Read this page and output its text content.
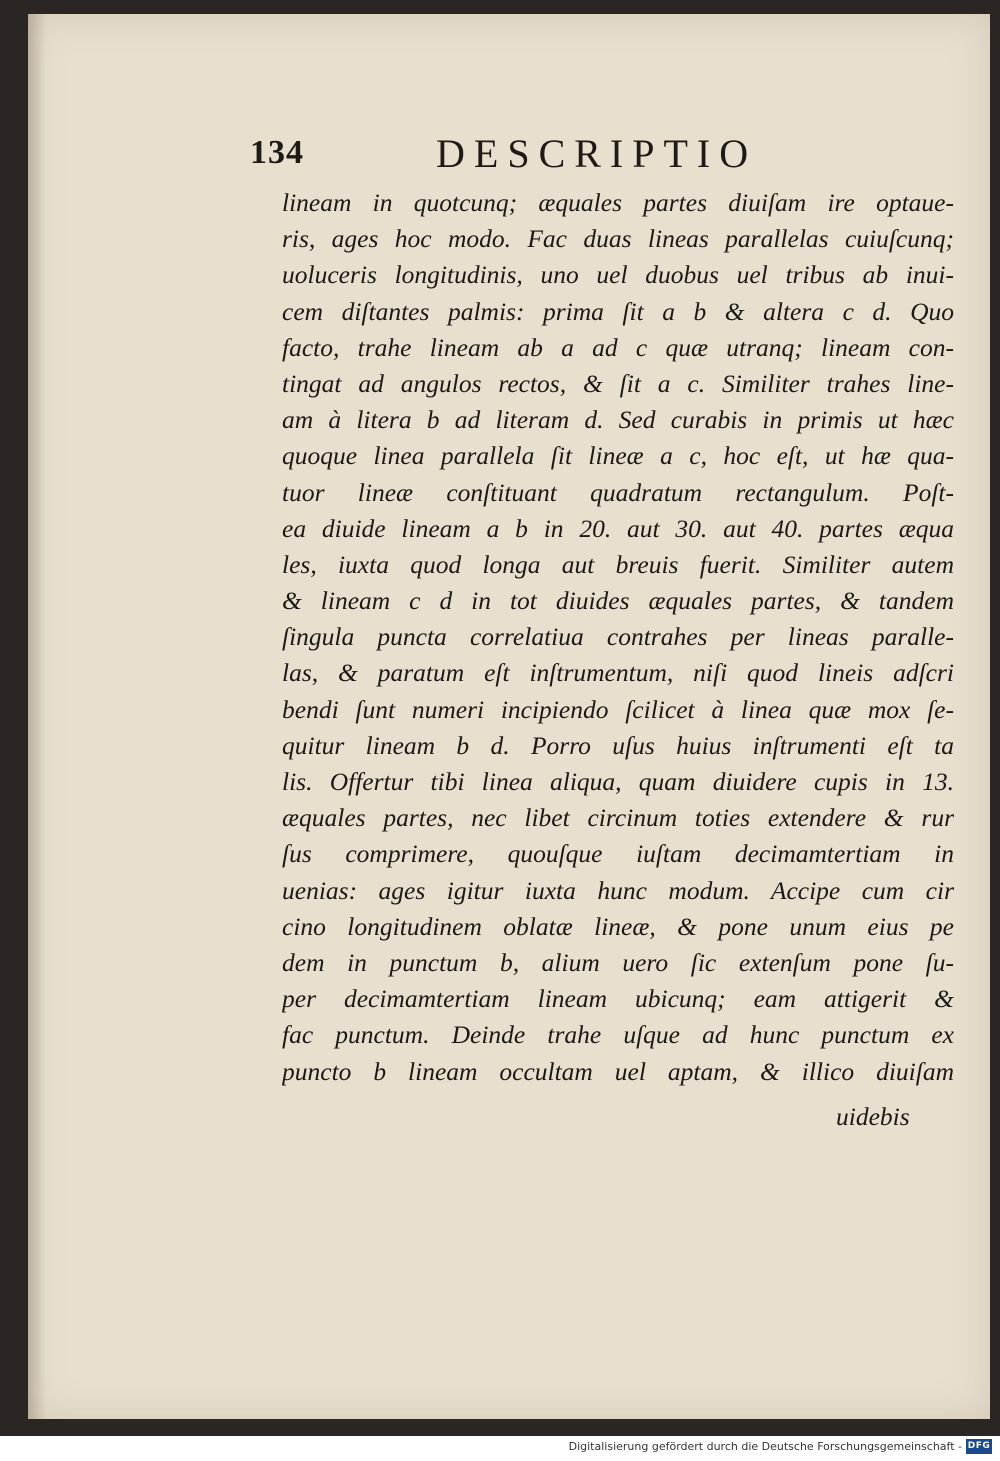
134	DESCRIPTIO
lineam in quotcunq; æquales partes diuiſam ire optaue-
ris, ages hoc modo. Fac duas lineas parallelas cuiuſcunq;
uoluceris longitudinis, uno uel duobus uel tribus ab inui-
cem diſtantes palmis: prima ſit a b & altera c d. Quo
facto, trahe lineam ab a ad c quæ utranq; lineam con-
tingat ad angulos rectos, & ſit a c. Similiter trahes line-
am à litera b ad literam d. Sed curabis in primis ut hæc
quoque linea parallela ſit lineæ a c, hoc eſt, ut hæ qua-
tuor lineæ conſtituant quadratum rectangulum. Poſt-
ea diuide lineam a b in 20. aut 30. aut 40. partes æqua
les, iuxta quod longa aut breuis fuerit. Similiter autem
& lineam c d in tot diuides æquales partes, & tandem
ſingula puncta correlatiua contrahes per lineas paralle-
las, & paratum eſt inſtrumentum, niſi quod lineis adſcri
bendi ſunt numeri incipiendo ſcilicet à linea quæ mox ſe-
quitur lineam b d. Porro uſus huius inſtrumenti eſt ta
lis. Offertur tibi linea aliqua, quam diuidere cupis in 13.
æquales partes, nec libet circinum toties extendere & rur
ſus comprimere, quouſque iuſtam decimamtertiam in
uenias: ages igitur iuxta hunc modum. Accipe cum cir
cino longitudinem oblatæ lineæ, & pone unum eius pe
dem in punctum b, alium uero ſic extenſum pone ſu-
per decimamtertiam lineam ubicunq; eam attigerit &
fac punctum. Deinde trahe uſque ad hunc punctum ex
puncto b lineam occultam uel aptam, & illico diuiſam
uidebis
Digitalisierung gefördert durch die Deutsche Forschungsgemeinschaft - DFG
